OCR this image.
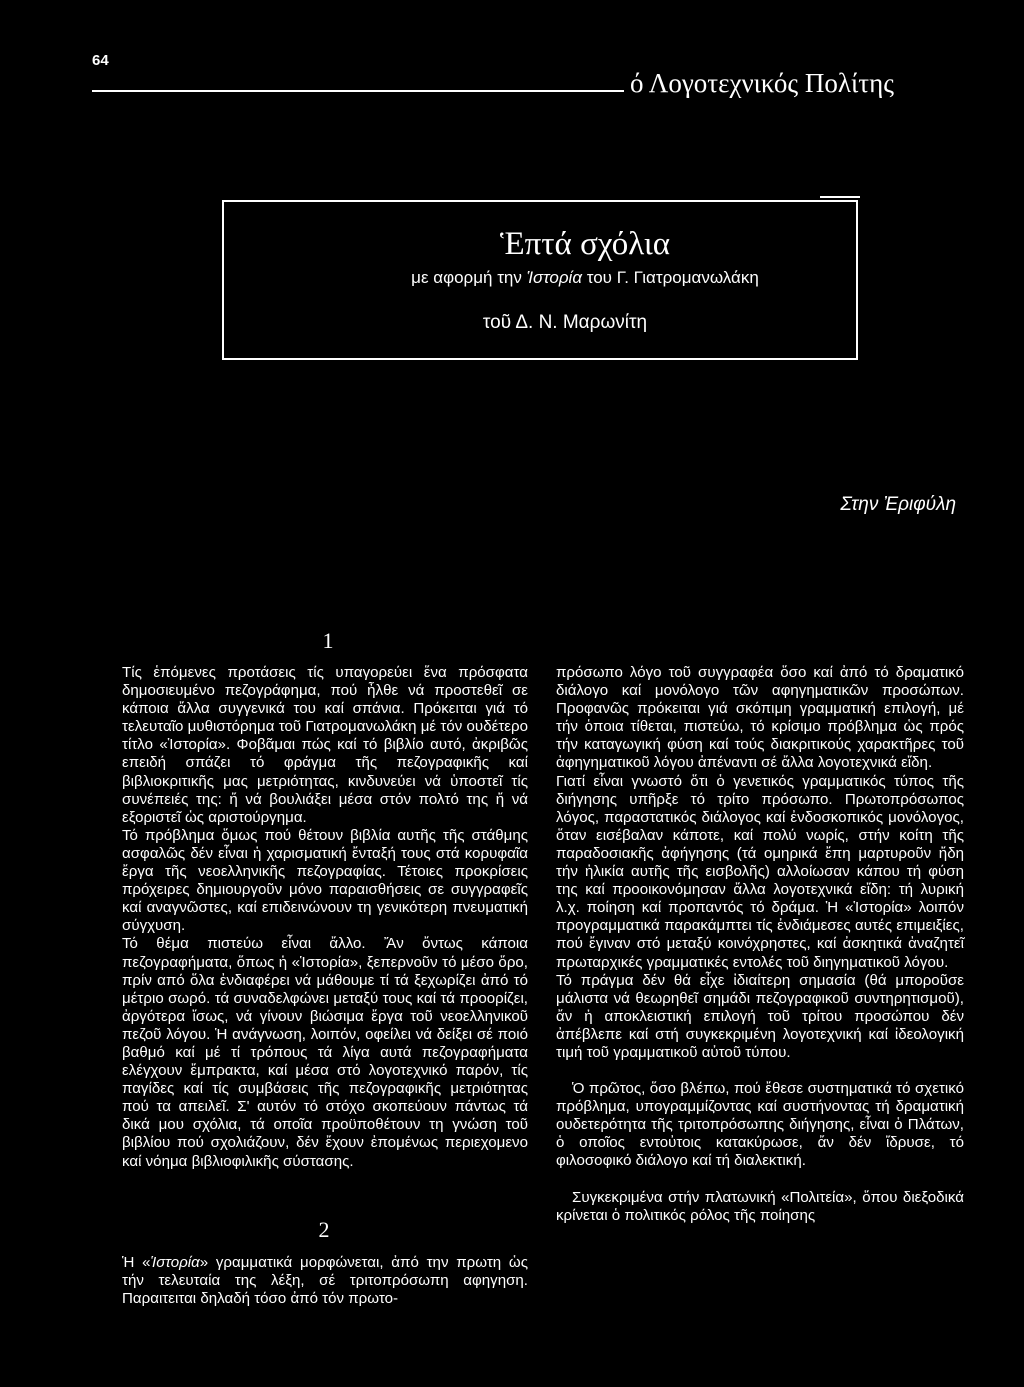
64
ό Λογοτεχνικός Πολίτης
Ἑπτά σχόλια
με αφορμή την Ἱστορία του Γ. Γιατρομανωλάκη
τοῦ Δ. Ν. Μαρωνίτη
Στην Ἐριφύλη
1

Τίς ἑπόμενες προτάσεις τίς υπαγορεύει ἕνα πρόσφατα δημοσιευμένο πεζογράφημα, πού ἦλθε νά προστεθεῖ σε κάποια ἄλλα συγγενικά του καί σπάνια. Πρόκειται γιά τό τελευταῖο μυθιστόρημα τοῦ Γιατρομανωλάκη μέ τόν ουδέτερο τίτλο «Ἱστορία». Φοβᾶμαι πώς καί τό βιβλίο αυτό, ἀκριβῶς επειδή σπάζει τό φράγμα τῆς πεζογραφικῆς καί βιβλιοκριτικῆς μας μετριότητας, κινδυνεύει νά ὑποστεῖ τίς συνέπειές της: ἤ νά βουλιάξει μέσα στόν πολτό της ἤ νά εξοριστεῖ ὡς αριστούργημα.

Τό πρόβλημα ὅμως πού θέτουν βιβλία αυτῆς τῆς στάθμης ασφαλῶς δέν εἶναι ἡ χαρισματική ἔνταξή τους στά κορυφαῖα ἔργα τῆς νεοελληνικῆς πεζογραφίας. Τέτοιες προκρίσεις πρόχειρες δημιουργοῦν μόνο παραισθήσεις σε συγγραφεῖς καί αναγνῶστες, καί επιδεινώνουν τη γενικότερη πνευματική σύγχυση.

Τό θέμα πιστεύω εἶναι ἄλλο. Ἄν ὄντως κάποια πεζογραφήματα, ὅπως ἡ «Ἱστορία», ξεπερνοῦν τό μέσο ὅρο, πρίν από ὅλα ἐνδιαφέρει νά μάθουμε τί τά ξεχωρίζει ἀπό τό μέτριο σωρό. τά συναδελφώνει μεταξύ τους καί τά προορίζει, ἀργότερα ἴσως, νά γίνουν βιώσιμα ἔργα τοῦ νεοελληνικοῦ πεζοῦ λόγου. Ἡ ανάγνωση, λοιπόν, οφείλει νά δείξει σέ ποιό βαθμό καί μέ τί τρόπους τά λίγα αυτά πεζογραφήματα ελέγχουν ἔμπρακτα, καί μέσα στό λογοτεχνικό παρόν, τίς παγίδες καί τίς συμβάσεις τῆς πεζογραφικῆς μετριότητας πού τα απειλεῖ. Σ' αυτόν τό στόχο σκοπεύουν πάντως τά δικά μου σχόλια, τά οποῖα προϋποθέτουν τη γνώση τοῦ βιβλίου πού σχολιάζουν, δέν ἔχουν ἐπομένως περιεχομενο καί νόημα βιβλιοφιλικῆς σύστασης.

2

Ἡ «Ἱστορία» γραμματικά μορφώνεται, ἀπό την πρωτη ὡς τήν τελευταία της λέξη, σέ τριτοπρόσωπη αφηγηση. Παραιτειται δηλαδή τόσο ἀπό τόν πρωτο-

πρόσωπο λόγο τοῦ συγγραφέα ὅσο καί ἀπό τό δραματικό διάλογο καί μονόλογο τῶν αφηγηματικῶν προσώπων. Προφανῶς πρόκειται γιά σκόπιμη γραμματική επιλογή, μέ τήν ὁποια τίθεται, πιστεύω, τό κρίσιμο πρόβλημα ὡς πρός τήν καταγωγική φύση καί τούς διακριτικούς χαρακτῆρες τοῦ ἀφηγηματικοῦ λόγου ἀπέναντι σέ ἄλλα λογοτεχνικά εἴδη.

Γιατί εἶναι γνωστό ὅτι ὁ γενετικός γραμματικός τύπος τῆς διήγησης υπῆρξε τό τρίτο πρόσωπο. Πρωτοπρόσωπος λόγος, παραστατικός διάλογος καί ἐνδοσκοπικός μονόλογος, ὅταν εισέβαλαν κάποτε, καί πολύ νωρίς, στήν κοίτη τῆς παραδοσιακῆς ἀφήγησης (τά ομηρικά ἔπη μαρτυροῦν ἤδη τήν ἡλικία αυτῆς τῆς εισβολῆς) αλλοίωσαν κάπου τή φύση της καί προοικονόμησαν ἄλλα λογοτεχνικά εἴδη: τή λυρική λ.χ. ποίηση καί προπαντός τό δράμα. Ἡ «Ἱστορία» λοιπόν προγραμματικά παρακάμπτει τίς ἐνδιάμεσες αυτές επιμειξίες, πού ἔγιναν στό μεταξύ κοινόχρηστες, καί ἀσκητικά ἀναζητεῖ πρωταρχικές γραμματικές εντολές τοῦ διηγηματικοῦ λόγου.

Τό πράγμα δέν θά εἶχε ἰδιαίτερη σημασία (θά μποροῦσε μάλιστα νά θεωρηθεῖ σημάδι πεζογραφικοῦ συντηρητισμοῦ), ἄν ἡ αποκλειστική επιλογή τοῦ τρίτου προσώπου δέν ἀπέβλεπε καί στή συγκεκριμένη λογοτεχνική καί ἰδεολογική τιμή τοῦ γραμματικοῦ αὐτοῦ τύπου.

Ὁ πρῶτος, ὅσο βλέπω, πού ἔθεσε συστηματικά τό σχετικό πρόβλημα, υπογραμμίζοντας καί συστήνοντας τή δραματική ουδετερότητα τῆς τριτοπρόσωπης διήγησης, εἶναι ὁ Πλάτων, ὁ οποῖος εντοὐτοις κατακύρωσε, ἄν δέν ἴδρυσε, τό φιλοσοφικό διάλογο καί τή διαλεκτική.

Συγκεκριμένα στήν πλατωνική «Πολιτεία», ὅπου διεξοδικά κρίνεται ὁ πολιτικός ρόλος τῆς ποίησης
